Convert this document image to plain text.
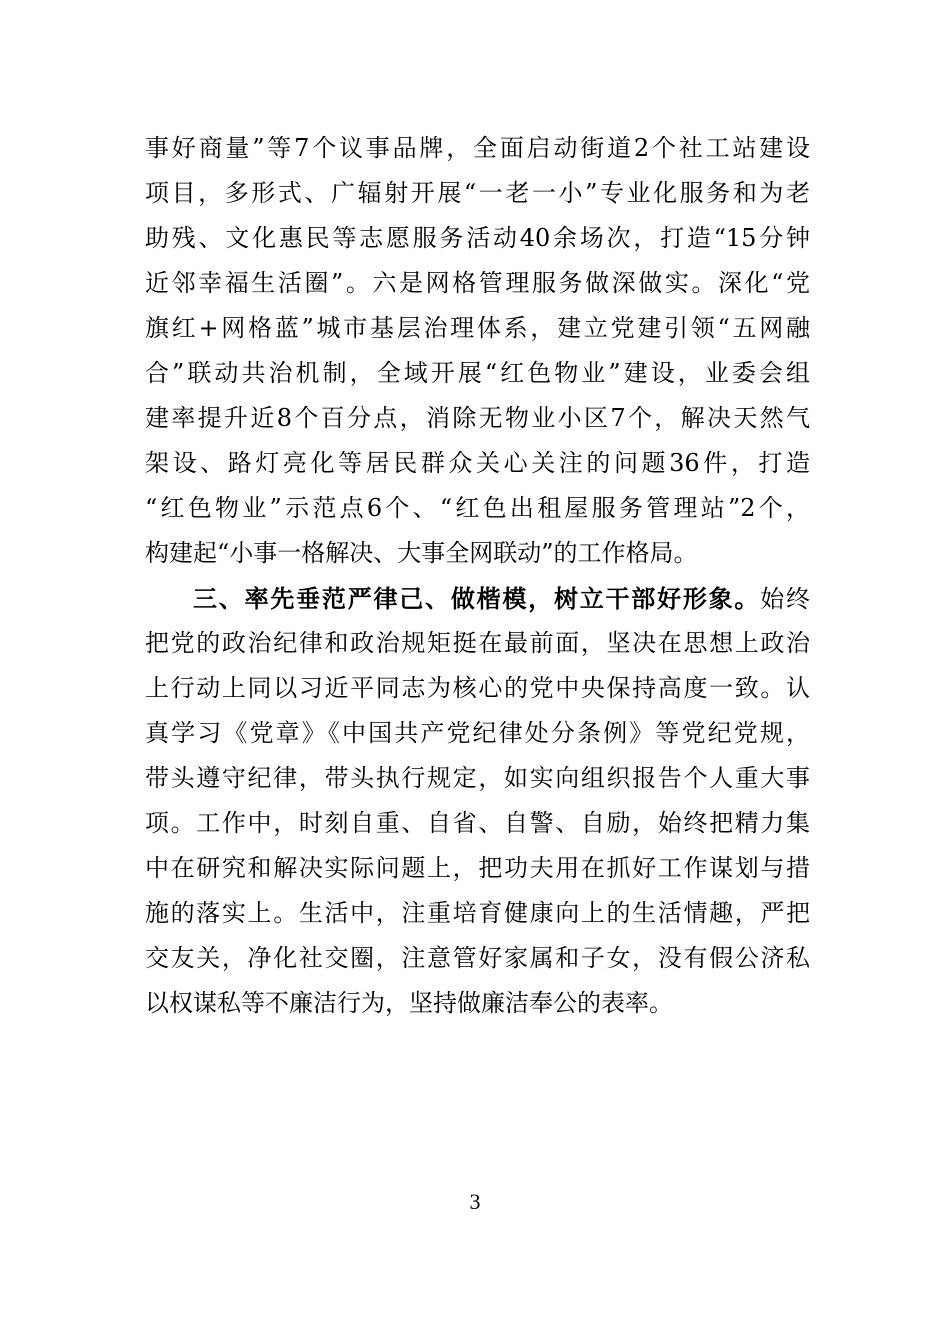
事好商量”等7个议事品牌，全面启动街道2个社工站建设
项目，多形式、广辐射开展“一老一小”专业化服务和为老
助残、文化惠民等志愿服务活动40余场次，打造“15分钟
近邻幸福生活圈”。六是网格管理服务做深做实。深化“党
旗红+网格蓝”城市基层治理体系，建立党建引领“五网融
合”联动共治机制，全域开展“红色物业”建设，业委会组
建率提升近8个百分点，消除无物业小区7个，解决天然气
架设、路灯亮化等居民群众关心关注的问题36件，打造
“红色物业”示范点6个、“红色出租屋服务管理站”2个，
构建起“小事一格解决、大事全网联动”的工作格局。
三、率先垂范严律己、做楷模，树立干部好形象。始终
把党的政治纪律和政治规矩挺在最前面，坚决在思想上政治
上行动上同以习近平同志为核心的党中央保持高度一致。认
真学习《党章》《中国共产党纪律处分条例》等党纪党规，
带头遵守纪律，带头执行规定，如实向组织报告个人重大事
项。工作中，时刻自重、自省、自警、自励，始终把精力集
中在研究和解决实际问题上，把功夫用在抓好工作谋划与措
施的落实上。生活中，注重培育健康向上的生活情趣，严把
交友关，净化社交圈，注意管好家属和子女，没有假公济私
以权谋私等不廉洁行为，坚持做廉洁奉公的表率。
3
